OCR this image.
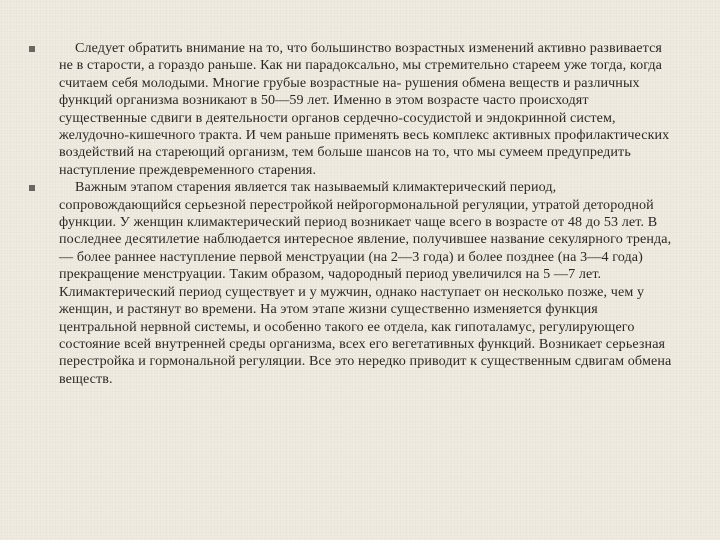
Следует обратить внимание на то, что большинство возрастных изменений активно развивается не в старости, а гораздо раньше. Как ни парадоксально, мы стремительно стареем уже тогда, когда считаем себя молодыми. Многие грубые возрастные на- рушения обмена веществ и различных функций организма возникают в 50—59 лет. Именно в этом возрасте часто происходят существенные сдвиги в деятельности органов сердечно-сосудистой и эндокринной систем, желудочно-кишечного тракта. И чем раньше применять весь комплекс активных профилактических воздействий на стареющий организм, тем больше шансов на то, что мы сумеем предупредить наступление преждевременного старения.
Важным этапом старения является так называемый климактерический период, сопровождающийся серьезной перестройкой нейрогормональной регуляции, утратой детородной функции. У женщин климактерический период возникает чаще всего в возрасте от 48 до 53 лет. В последнее десятилетие наблюдается интересное явление, получившее название секулярного тренда,— более раннее наступление первой менструации (на 2—3 года) и более позднее (на 3—4 года) прекращение менструации. Таким образом, чадородный период увеличился на 5 —7 лет. Климактерический период существует и у мужчин, однако наступает он несколько позже, чем у женщин, и растянут во времени. На этом этапе жизни существенно изменяется функция центральной нервной системы, и особенно такого ее отдела, как гипоталамус, регулирующего состояние всей внутренней среды организма, всех его вегетативных функций. Возникает серьезная перестройка и гормональной регуляции. Все это нередко приводит к существенным сдвигам обмена веществ.
